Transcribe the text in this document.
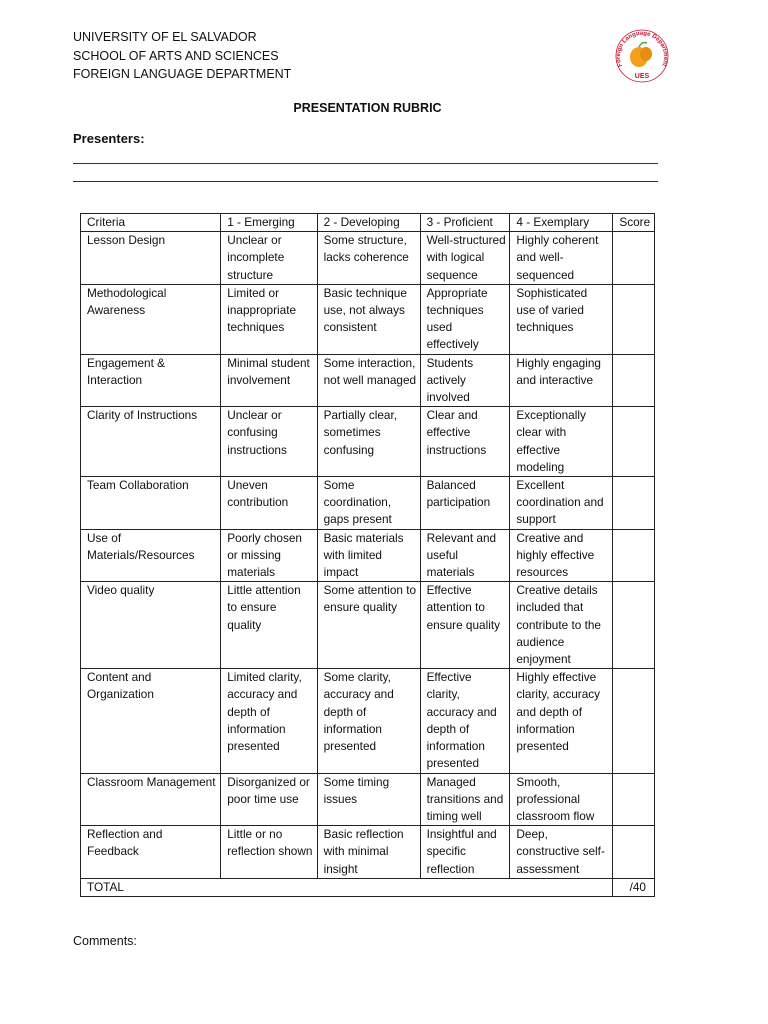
UNIVERSITY OF EL SALVADOR
SCHOOL OF ARTS AND SCIENCES
FOREIGN LANGUAGE DEPARTMENT
Foreign Language Department
UES
PRESENTATION RUBRIC
Presenters:
Criteria	1 - Emerging	2 - Developing	3 - Proficient	4 - Exemplary	Score
Lesson Design	Unclear or incomplete structure	Some structure, lacks coherence	Well-structured with logical sequence	Highly coherent and well-sequenced	
Methodological Awareness	Limited or inappropriate techniques	Basic technique use, not always consistent	Appropriate techniques used effectively	Sophisticated use of varied techniques	
Engagement & Interaction	Minimal student involvement	Some interaction, not well managed	Students actively involved	Highly engaging and interactive	
Clarity of Instructions	Unclear or confusing instructions	Partially clear, sometimes confusing	Clear and effective instructions	Exceptionally clear with effective modeling	
Team Collaboration	Uneven contribution	Some coordination, gaps present	Balanced participation	Excellent coordination and support	
Use of Materials/Resources	Poorly chosen or missing materials	Basic materials with limited impact	Relevant and useful materials	Creative and highly effective resources	
Video quality	Little attention to ensure quality	Some attention to ensure quality	Effective attention to ensure quality	Creative details included that contribute to the audience enjoyment	
Content and Organization	Limited clarity, accuracy and depth of information presented	Some clarity, accuracy and depth of information presented	Effective clarity, accuracy and depth of information presented	Highly effective clarity, accuracy and depth of information presented	
Classroom Management	Disorganized or poor time use	Some timing issues	Managed transitions and timing well	Smooth, professional classroom flow	
Reflection and Feedback	Little or no reflection shown	Basic reflection with minimal insight	Insightful and specific reflection	Deep, constructive self-assessment	
TOTAL					/40
Comments:
